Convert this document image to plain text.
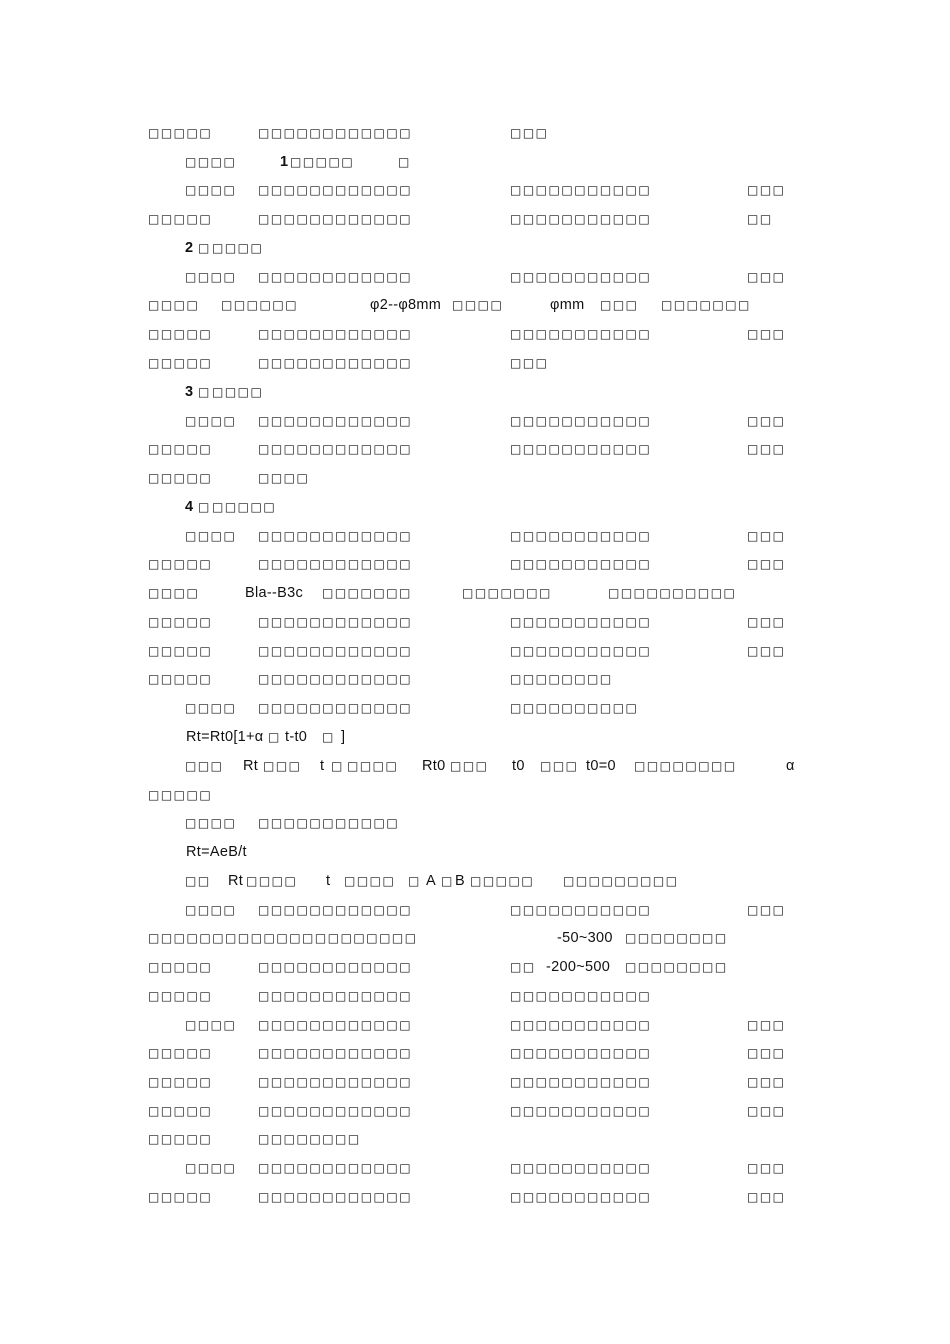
□□□□□	□□□□□□□□□□□□	□□□
□□□□	1 □□□□□	□
□□□□ □□□□□□□□□□□□	□□□□□□□□□□□	□□□
□□□□□	□□□□□□□□□□□□	□□□□□□□□□□□	□□
2 □ □□□□
□□□□ □□□□□□□□□□□□	□□□□□□□□□□□	□□□
□□□□ □□□□□□	φ2--φ8mm □□□□	φmm □□□ □□□□□□□
□□□□□	□□□□□□□□□□□□	□□□□□□□□□□□	□□□
□□□□□	□□□□□□□□□□□□	□□□
3 □ □□□□
□□□□ □□□□□□□□□□□□	□□□□□□□□□□□	□□□
□□□□□	□□□□□□□□□□□□	□□□□□□□□□□□	□□□
□□□□□	□□□□
4 □ □□□□□
□□□□ □□□□□□□□□□□□	□□□□□□□□□□□	□□□
□□□□□	□□□□□□□□□□□□	□□□□□□□□□□□	□□□
□□□□	Bla--B3c □□□□□□□	□□□□□□□	□□□□□□□□□□
□□□□□	□□□□□□□□□□□□	□□□□□□□□□□□	□□□
□□□□□	□□□□□□□□□□□□	□□□□□□□□□□□	□□□
□□□□□	□□□□□□□□□□□□	□□□□□□□□
□□□□ □□□□□□□□□□□□	□□□□□□□□□□
Rt=Rt0[1+α □ t-t0 □ ]
□□□ Rt □□□ t □ □□□□ Rt0 □□□ t0 □□□ t0=0 □□□□□□□□	α
□□□□□
□□□□ □□□□□□□□□□□
Rt=AeB/t
□□ Rt □□□□ t □□□□ □ A □ B □□□□□ □□□□□□□□□
□□□□ □□□□□□□□□□□□	□□□□□□□□□□□	□□□
□□□□□□□□□□□□□□□□□□□□□	-50~300 □□□□□□□□
□□□□□	□□□□□□□□□□□□	□□ -200~500 □□□□□□□□
□□□□□	□□□□□□□□□□□□	□□□□□□□□□□□
□□□□ □□□□□□□□□□□□	□□□□□□□□□□□	□□□
□□□□□	□□□□□□□□□□□□	□□□□□□□□□□□	□□□
□□□□□	□□□□□□□□□□□□	□□□□□□□□□□□	□□□
□□□□□	□□□□□□□□□□□□	□□□□□□□□□□□	□□□
□□□□□	□□□□□□□□
□□□□ □□□□□□□□□□□□	□□□□□□□□□□□	□□□
□□□□□	□□□□□□□□□□□□	□□□□□□□□□□□	□□□
